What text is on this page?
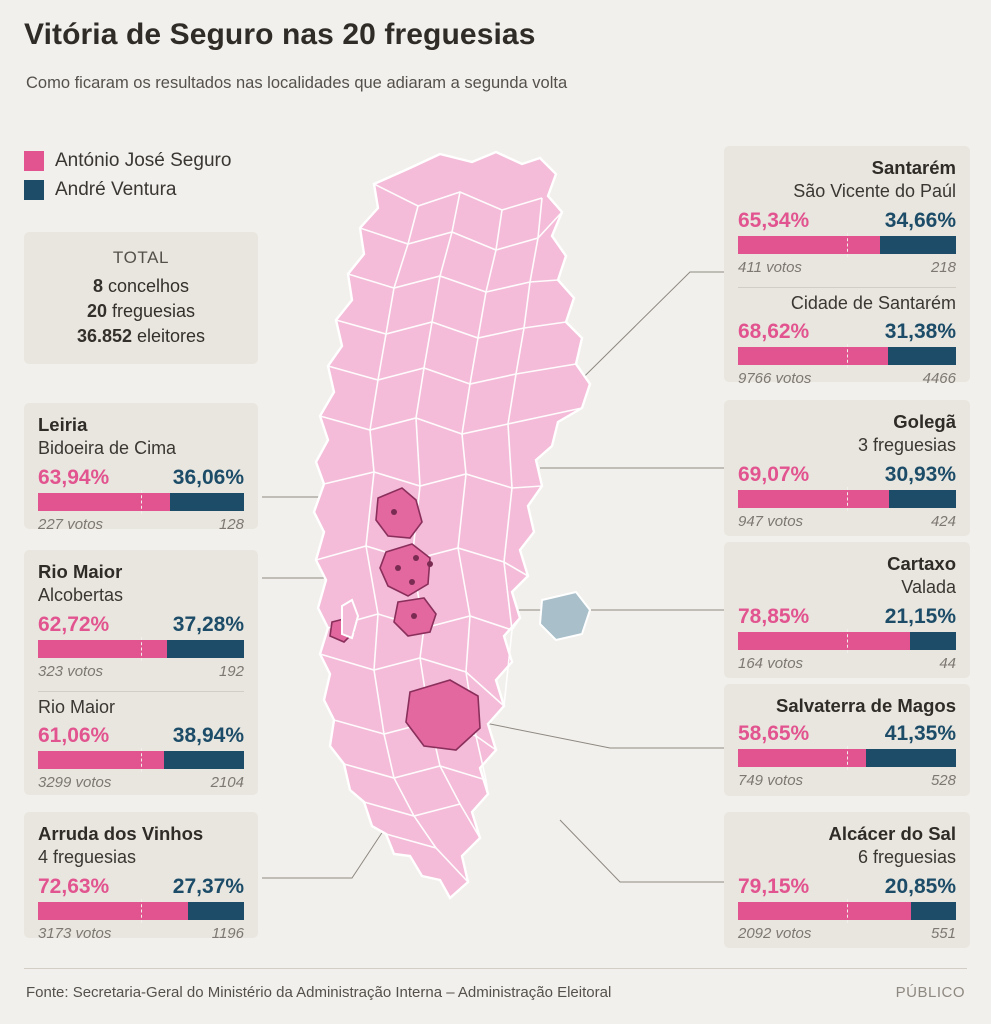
Vitória de Seguro nas 20 freguesias
Como ficaram os resultados nas localidades que adiaram a segunda volta
António José Seguro
André Ventura
TOTAL
8 concelhos
20 freguesias
36.852 eleitores
Leiria
Bidoeira de Cima
63,94%	36,06%
227 votos	128
Rio Maior
Alcobertas
62,72%	37,28%
323 votos	192
Rio Maior
61,06%	38,94%
3299 votos	2104
Arruda dos Vinhos
4 freguesias
72,63%	27,37%
3173 votos	1196
Santarém
São Vicente do Paúl
65,34%	34,66%
411 votos	218
Cidade de Santarém
68,62%	31,38%
9766 votos	4466
Golegã
3 freguesias
69,07%	30,93%
947 votos	424
Cartaxo
Valada
78,85%	21,15%
164 votos	44
Salvaterra de Magos
58,65%	41,35%
749 votos	528
Alcácer do Sal
6 freguesias
79,15%	20,85%
2092 votos	551
Fonte: Secretaria-Geral do Ministério da Administração Interna – Administração Eleitoral	PÚBLICO
